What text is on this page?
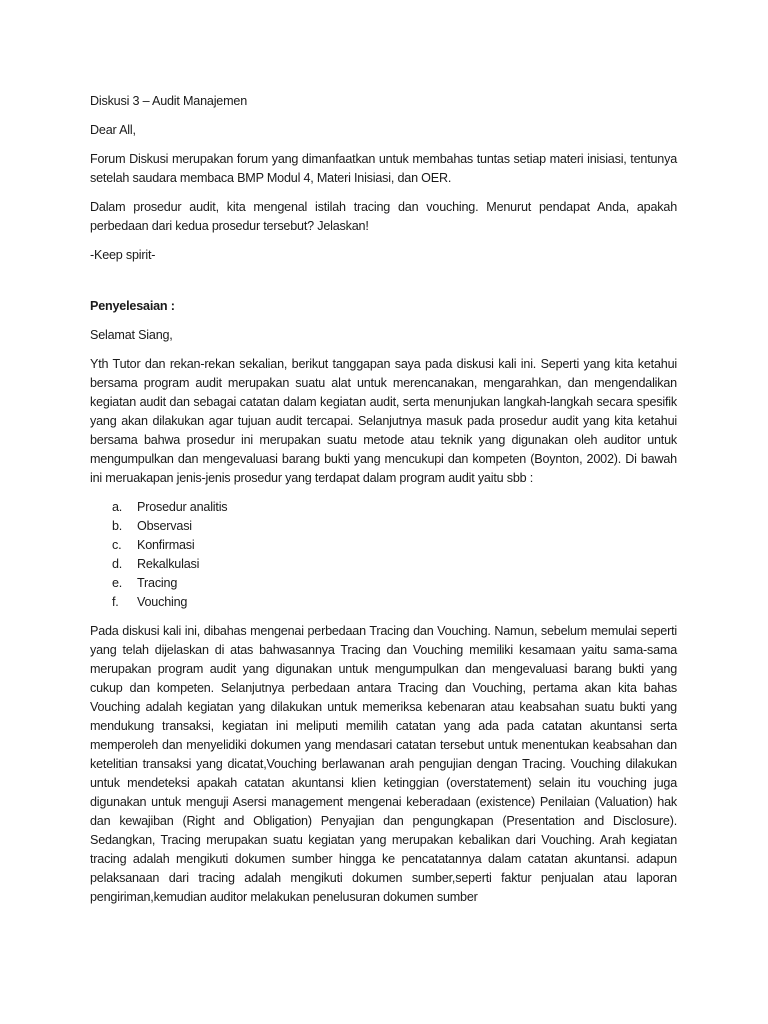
Diskusi 3 – Audit Manajemen

Dear All,

Forum Diskusi merupakan forum yang dimanfaatkan untuk membahas tuntas setiap materi inisiasi, tentunya setelah saudara membaca BMP Modul 4, Materi Inisiasi, dan OER.

Dalam prosedur audit, kita mengenal istilah tracing dan vouching. Menurut pendapat Anda, apakah perbedaan dari kedua prosedur tersebut? Jelaskan!

-Keep spirit-

Penyelesaian :

Selamat Siang,

Yth Tutor dan rekan-rekan sekalian, berikut tanggapan saya pada diskusi kali ini. Seperti yang kita ketahui bersama program audit merupakan suatu alat untuk merencanakan, mengarahkan, dan mengendalikan kegiatan audit dan sebagai catatan dalam kegiatan audit, serta menunjukan langkah-langkah secara spesifik yang akan dilakukan agar tujuan audit tercapai. Selanjutnya masuk pada prosedur audit yang kita ketahui bersama bahwa prosedur ini merupakan suatu metode atau teknik yang digunakan oleh auditor untuk mengumpulkan dan mengevaluasi barang bukti yang mencukupi dan kompeten (Boynton, 2002). Di bawah ini meruakapan jenis-jenis prosedur yang terdapat dalam program audit yaitu sbb :

a.	Prosedur analitis
b.	Observasi
c.	Konfirmasi
d.	Rekalkulasi
e.	Tracing
f.	Vouching

Pada diskusi kali ini, dibahas mengenai perbedaan Tracing dan Vouching. Namun, sebelum memulai seperti yang telah dijelaskan di atas bahwasannya Tracing dan Vouching memiliki kesamaan yaitu sama-sama merupakan program audit yang digunakan untuk mengumpulkan dan mengevaluasi barang bukti yang cukup dan kompeten. Selanjutnya perbedaan antara Tracing dan Vouching, pertama akan kita bahas Vouching adalah kegiatan yang dilakukan untuk memeriksa kebenaran atau keabsahan suatu bukti yang mendukung transaksi, kegiatan ini meliputi memilih catatan yang ada pada catatan akuntansi serta memperoleh dan menyelidiki dokumen yang mendasari catatan tersebut untuk menentukan keabsahan dan ketelitian transaksi yang dicatat,Vouching berlawanan arah pengujian dengan Tracing. Vouching dilakukan untuk mendeteksi apakah catatan akuntansi klien ketinggian (overstatement) selain itu vouching juga digunakan untuk menguji Asersi management mengenai keberadaan (existence) Penilaian (Valuation) hak dan kewajiban (Right and Obligation) Penyajian dan pengungkapan (Presentation and Disclosure). Sedangkan, Tracing merupakan suatu kegiatan yang merupakan kebalikan dari Vouching. Arah kegiatan tracing adalah mengikuti dokumen sumber hingga ke pencatatannya dalam catatan akuntansi. adapun pelaksanaan dari tracing adalah mengikuti dokumen sumber,seperti faktur penjualan atau laporan pengiriman,kemudian auditor melakukan penelusuran dokumen sumber
